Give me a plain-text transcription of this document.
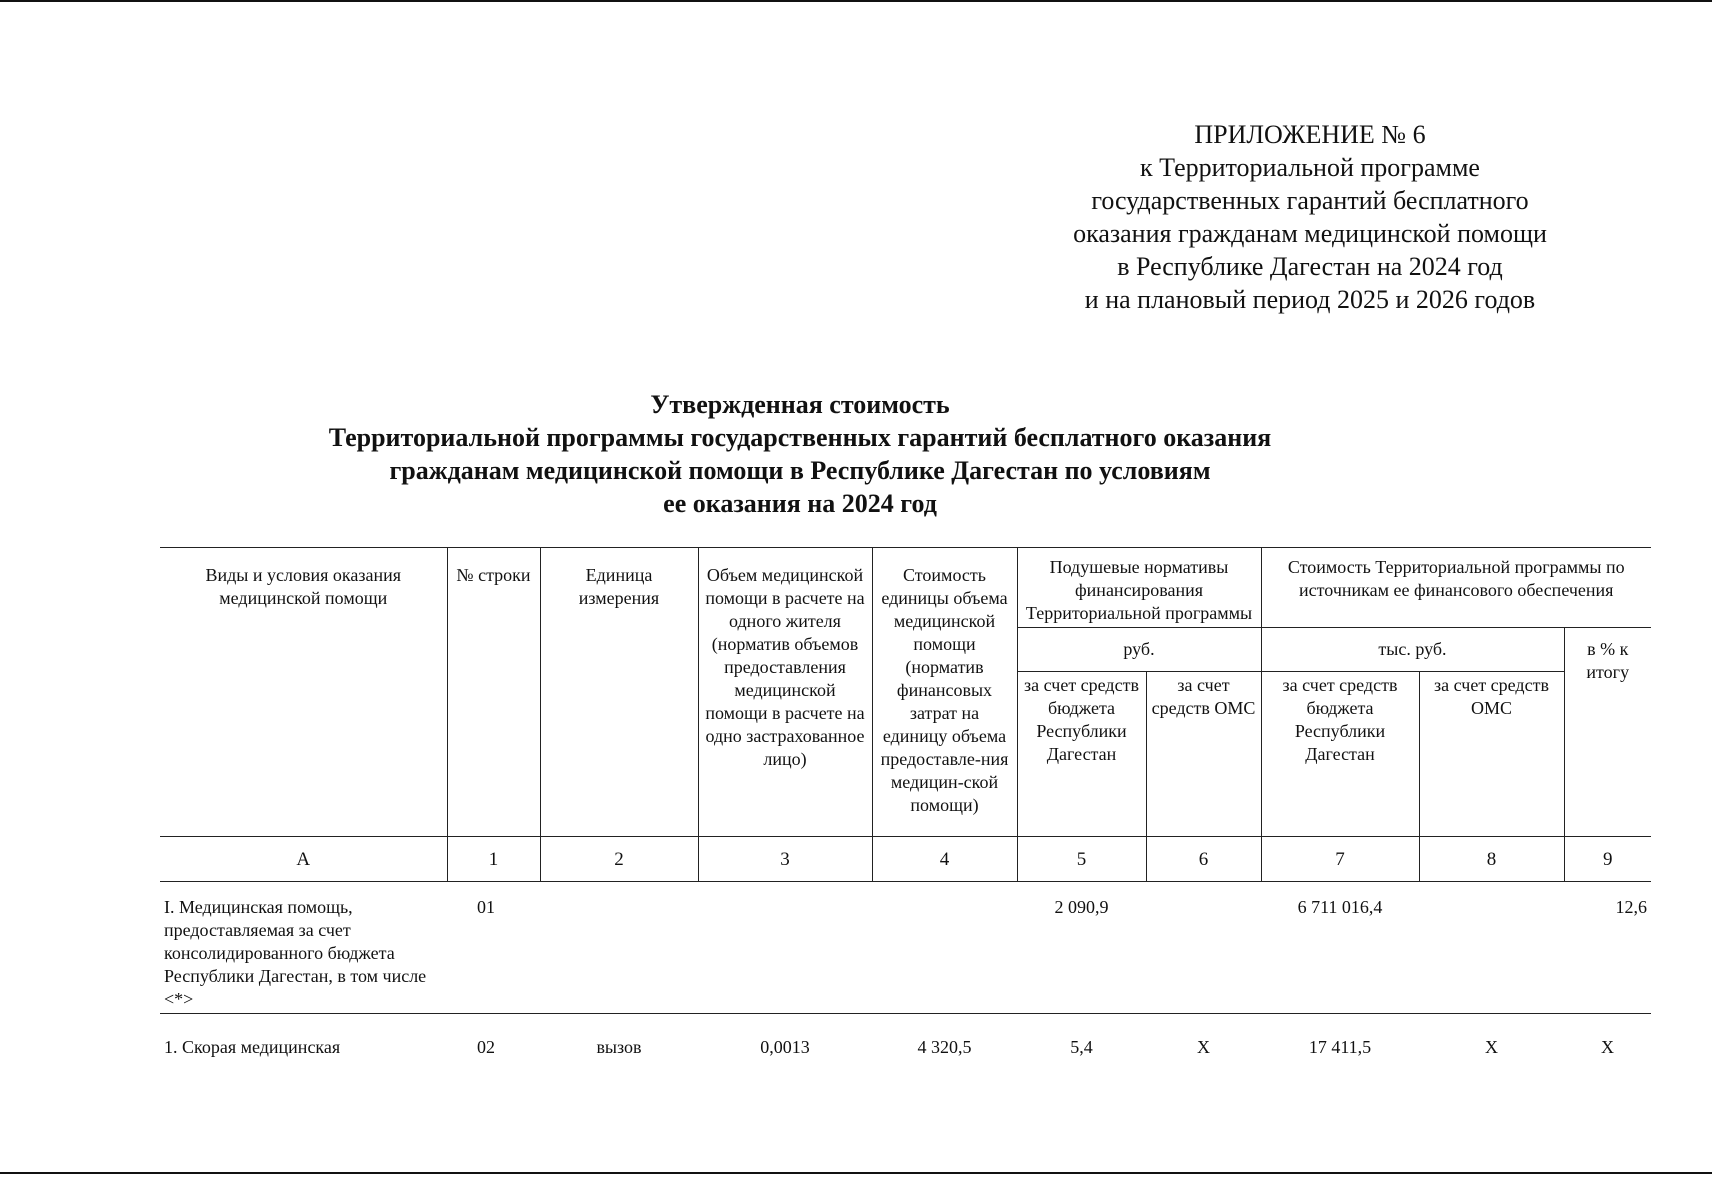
ПРИЛОЖЕНИЕ № 6
к Территориальной программе
государственных гарантий бесплатного
оказания гражданам медицинской помощи
в Республике Дагестан на 2024 год
и на плановый период 2025 и 2026 годов
Утвержденная стоимость
Территориальной программы государственных гарантий бесплатного оказания
гражданам медицинской помощи в Республике Дагестан по условиям
ее оказания на 2024 год
Виды и условия оказания медицинской помощи	№ строки	Единица измерения	Объем медицинской помощи в расчете на одного жителя (норматив объемов предоставления медицинской помощи в расчете на одно застрахованное лицо)	Стоимость единицы объема медицинской помощи (норматив финансовых затрат на единицу объема предоставле-ния медицин-ской помощи)	Подушевые нормативы финансирования Территориальной программы		Стоимость Территориальной программы по источникам ее финансового обеспечения		
					руб.		тыс. руб.		в % к итогу
					за счет средств бюджета Республики Дагестан	за счет средств ОМС	за счет средств бюджета Республики Дагестан	за счет средств ОМС	
А	1	2	3	4	5	6	7	8	9
I. Медицинская помощь, предоставляемая за счет консолидированного бюджета Республики Дагестан, в том числе <*>	01				2 090,9		6 711 016,4		12,6
1. Скорая медицинская	02	вызов	0,0013	4 320,5	5,4	Х	17 411,5	Х	Х
